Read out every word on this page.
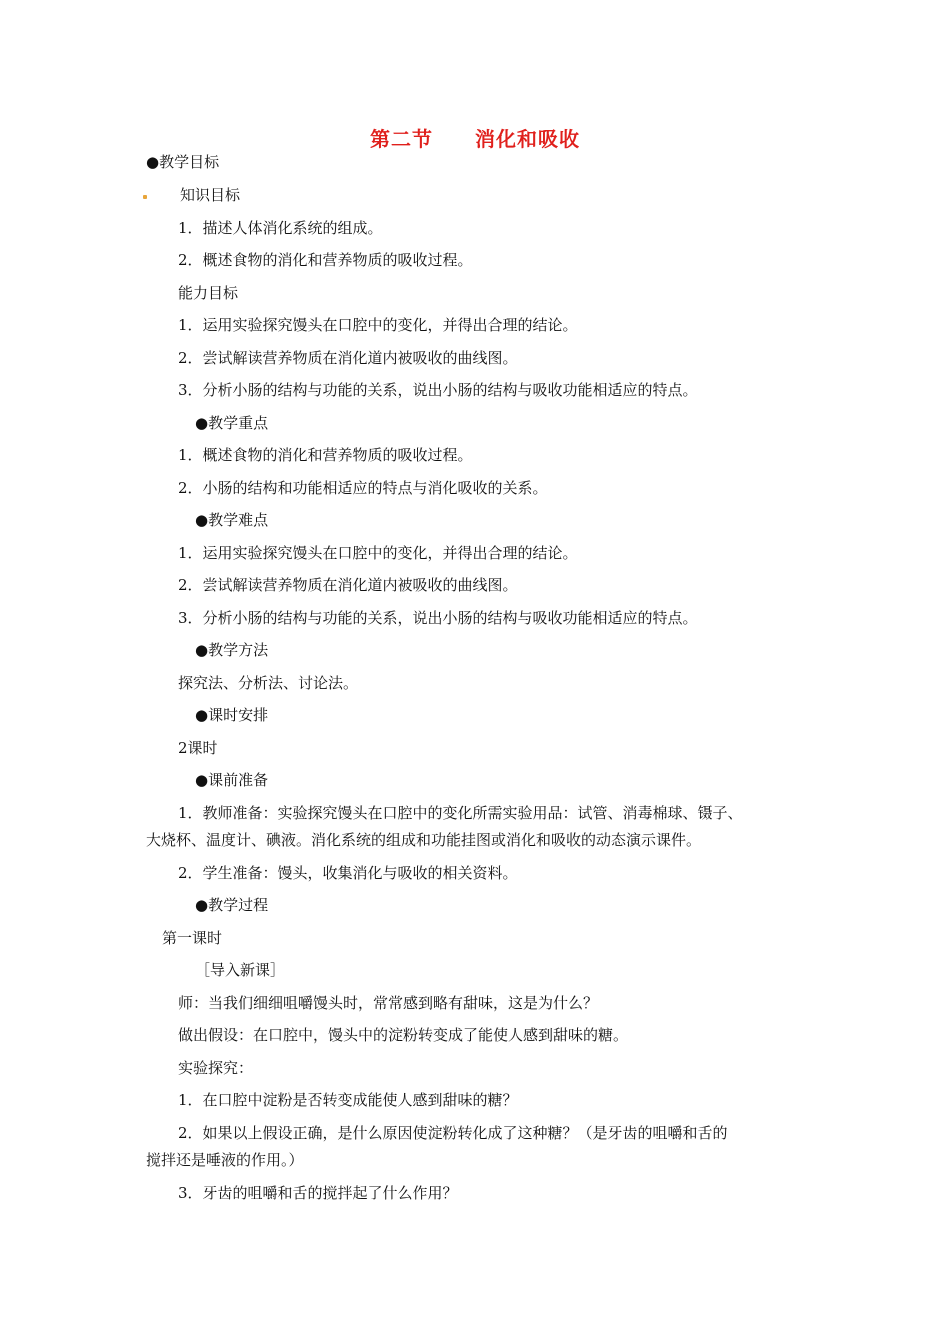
第二节　　消化和吸收
●教学目标
知识目标
1．描述人体消化系统的组成。
2．概述食物的消化和营养物质的吸收过程。
能力目标
1．运用实验探究馒头在口腔中的变化，并得出合理的结论。
2．尝试解读营养物质在消化道内被吸收的曲线图。
3．分析小肠的结构与功能的关系，说出小肠的结构与吸收功能相适应的特点。
●教学重点
1．概述食物的消化和营养物质的吸收过程。
2．小肠的结构和功能相适应的特点与消化吸收的关系。
●教学难点
1．运用实验探究馒头在口腔中的变化，并得出合理的结论。
2．尝试解读营养物质在消化道内被吸收的曲线图。
3．分析小肠的结构与功能的关系，说出小肠的结构与吸收功能相适应的特点。
●教学方法
探究法、分析法、讨论法。
●课时安排
2课时
●课前准备
1．教师准备：实验探究馒头在口腔中的变化所需实验用品：试管、消毒棉球、镊子、
大烧杯、温度计、碘液。消化系统的组成和功能挂图或消化和吸收的动态演示课件。
2．学生准备：馒头，收集消化与吸收的相关资料。
●教学过程
第一课时
［导入新课］
师：当我们细细咀嚼馒头时，常常感到略有甜味，这是为什么？
做出假设：在口腔中，馒头中的淀粉转变成了能使人感到甜味的糖。
实验探究：
1．在口腔中淀粉是否转变成能使人感到甜味的糖？
2．如果以上假设正确，是什么原因使淀粉转化成了这种糖？（是牙齿的咀嚼和舌的
搅拌还是唾液的作用。）
3．牙齿的咀嚼和舌的搅拌起了什么作用？
